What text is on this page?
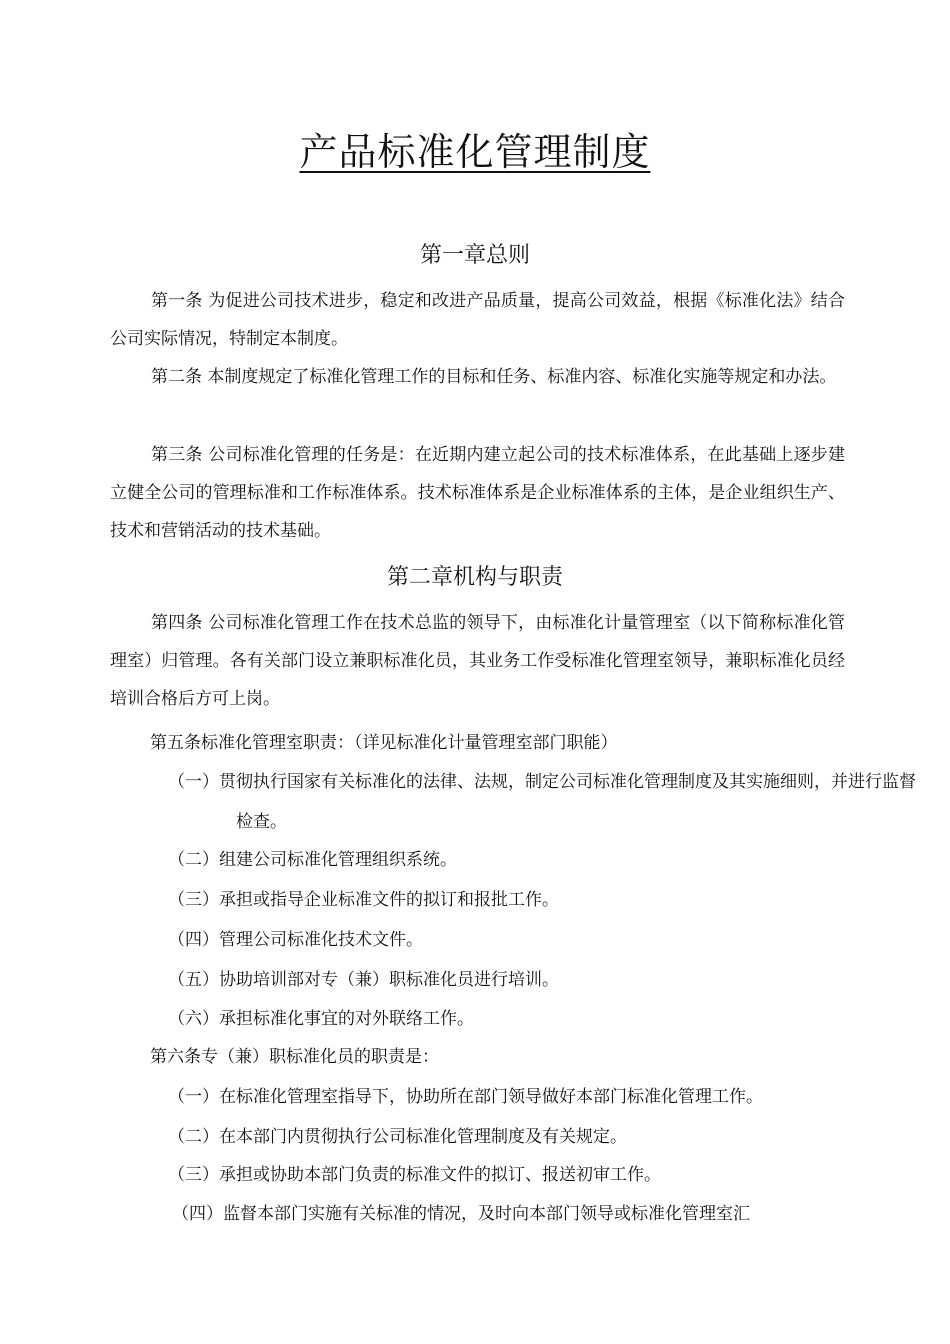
产品标准化管理制度
第一章总则
第一条 为促进公司技术进步，稳定和改进产品质量，提高公司效益，根据《标准化法》结合公司实际情况，特制定本制度。
第二条 本制度规定了标准化管理工作的目标和任务、标准内容、标准化实施等规定和办法。
第三条 公司标准化管理的任务是：在近期内建立起公司的技术标准体系，在此基础上逐步建立健全公司的管理标准和工作标准体系。技术标准体系是企业标准体系的主体，是企业组织生产、技术和营销活动的技术基础。
第二章机构与职责
第四条 公司标准化管理工作在技术总监的领导下，由标准化计量管理室（以下简称标准化管理室）归管理。各有关部门设立兼职标准化员，其业务工作受标准化管理室领导，兼职标准化员经培训合格后方可上岗。
第五条标准化管理室职责：（详见标准化计量管理室部门职能）
（一）贯彻执行国家有关标准化的法律、法规，制定公司标准化管理制度及其实施细则，并进行监督检查。
（二）组建公司标准化管理组织系统。
（三）承担或指导企业标准文件的拟订和报批工作。
（四）管理公司标准化技术文件。
（五）协助培训部对专（兼）职标准化员进行培训。
（六）承担标准化事宜的对外联络工作。
第六条专（兼）职标准化员的职责是：
（一）在标准化管理室指导下，协助所在部门领导做好本部门标准化管理工作。
（二）在本部门内贯彻执行公司标准化管理制度及有关规定。
（三）承担或协助本部门负责的标准文件的拟订、报送初审工作。
（四）监督本部门实施有关标准的情况，及时向本部门领导或标准化管理室汇
